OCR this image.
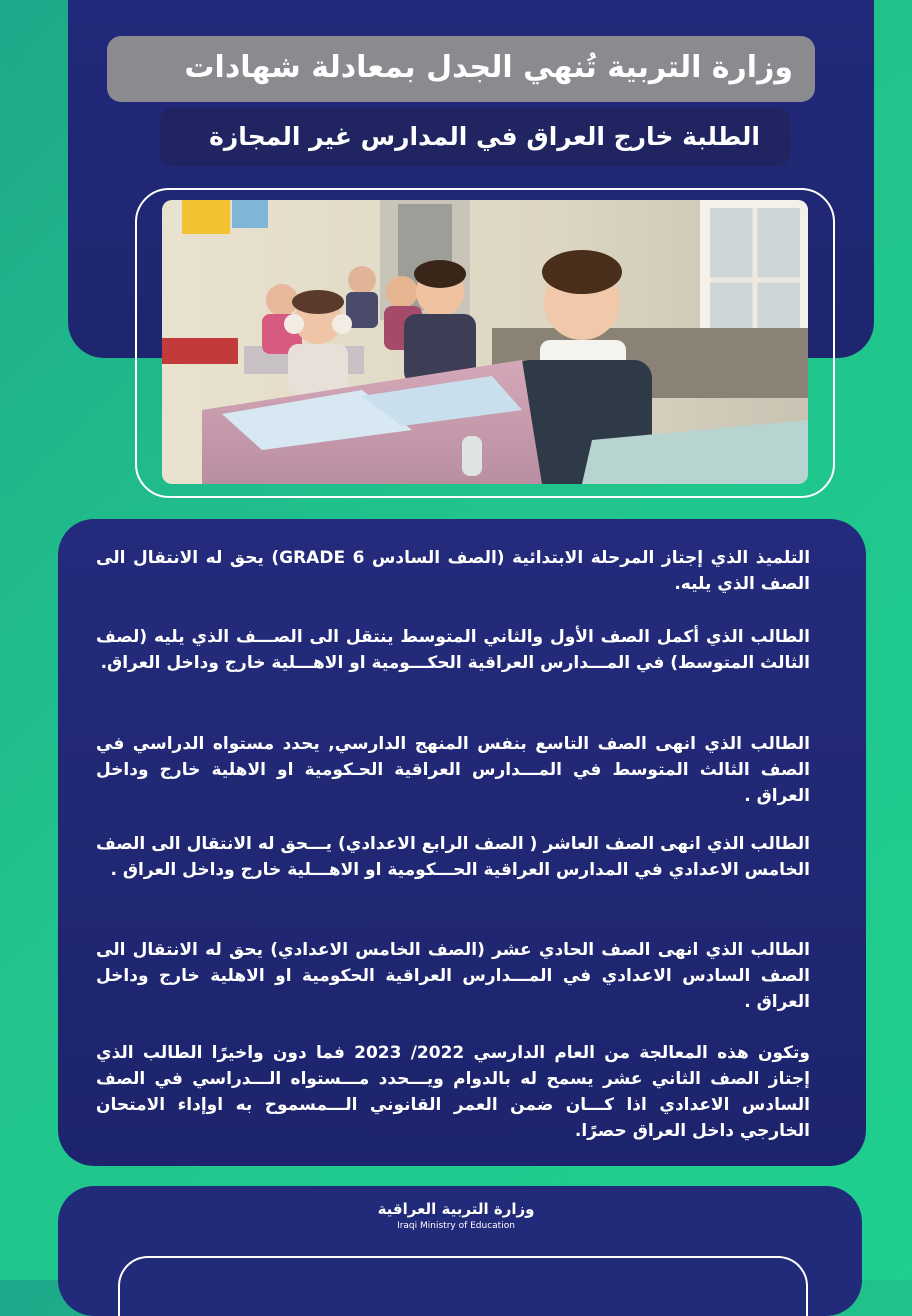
وزارة التربية تُنهي الجدل بمعادلة شهادات
الطلبة خارج العراق في المدارس غير المجازة
التلميذ الذي إجتاز المرحلة الابتدائية (الصف السادس GRADE 6) يحق له الانتقال الى الصف الذي يليه.
الطالب الذي أكمل الصف الأول والثاني المتوسط ينتقل الى الصـــف الذي يليه (لصف الثالث المتوسط) في المـــدارس العراقية الحكـــومية او الاهـــلية خارج وداخل العراق.
الطالب الذي انهى الصف التاسع بنفس المنهج الدارسي, يحدد مستواه الدراسي في الصف الثالث المتوسط في المـــدارس العراقية الحـكومية او الاهلية خارج وداخل العراق .
الطالب الذي انهى الصف العاشر ( الصف الرابع الاعدادي) يـــحق له الانتقال الى الصف الخامس الاعدادي في المدارس العراقية الحـــكومية او الاهـــلية خارج وداخل العراق .
الطالب الذي انهى الصف الحادي عشر (الصف الخامس الاعدادي) يحق له الانتقال الى الصف السادس الاعدادي في المـــدارس العراقية الحكومية او الاهلية خارج وداخل العراق .
وتكون هذه المعالجة من العام الدارسي 2022/ 2023 فما دون واخيرًا الطالب الذي إجتاز الصف الثاني عشر يسمح له بالدوام ويـــحدد مـــستواه الـــدراسي في الصف السادس الاعدادي اذا كـــان ضمن العمر القانوني الـــمسموح به اوإداء الامتحان الخارجي داخل العراق حصرًا.
وزارة التربية العراقية
Iraqi Ministry of Education
